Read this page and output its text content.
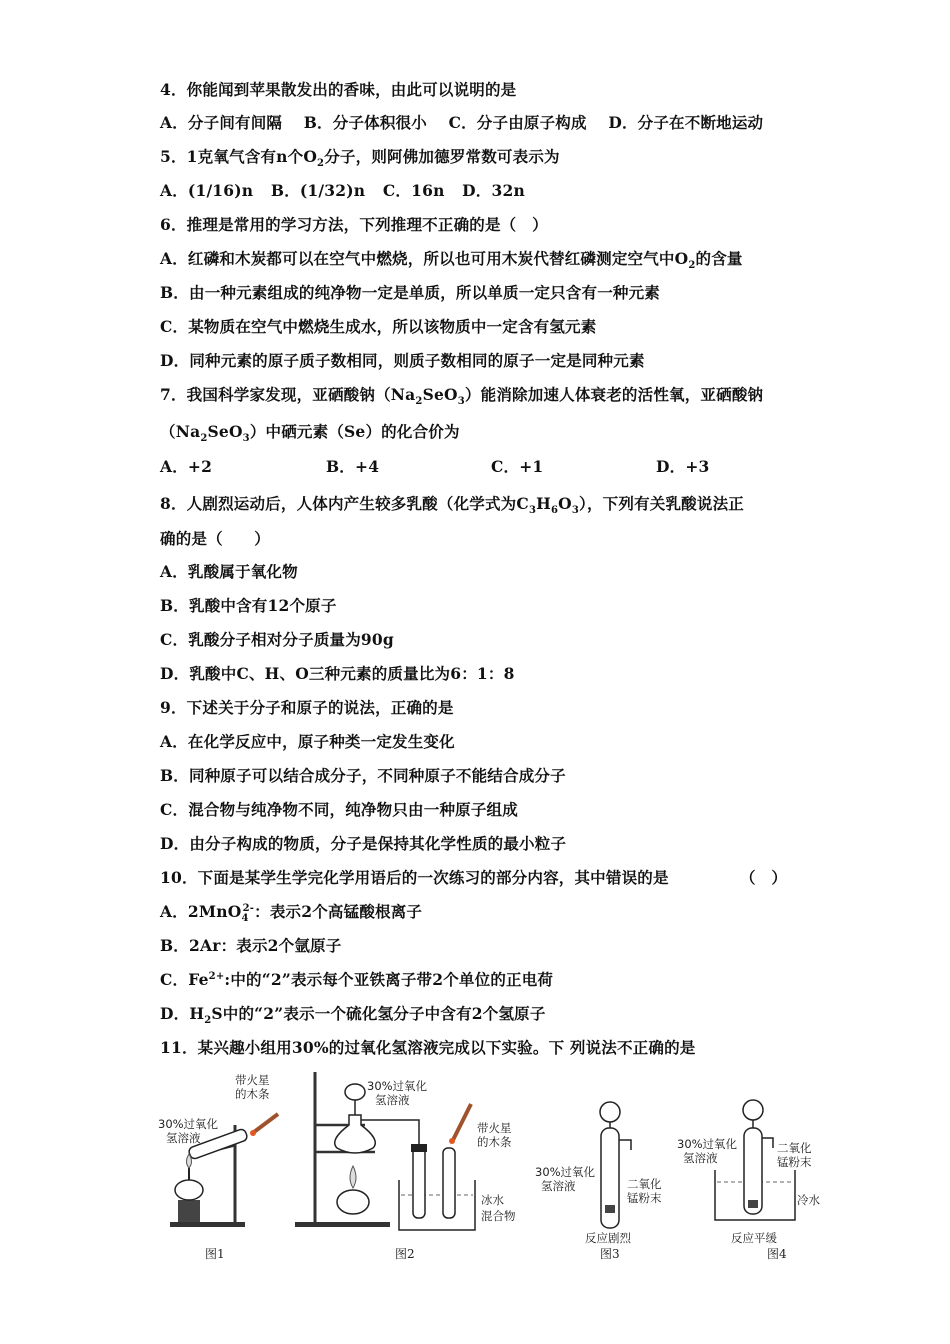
4．你能闻到苹果散发出的香味，由此可以说明的是
A．分子间有间隔 B．分子体积很小 C．分子由原子构成 D．分子在不断地运动
5．1克氧气含有n个$O_2$分子，则阿佛加德罗常数可表示为
A．(1/16)n B．(1/32)n C．16n D．32n
6．推理是常用的学习方法，下列推理不正确的是（　）
A．红磷和木炭都可以在空气中燃烧，所以也可用木炭代替红磷测定空气中$O_2$的含量
B．由一种元素组成的纯净物一定是单质，所以单质一定只含有一种元素
C．某物质在空气中燃烧生成水，所以该物质中一定含有氢元素
D．同种元素的原子质子数相同，则质子数相同的原子一定是同种元素
7．我国科学家发现，亚硒酸钠$(Na_2SeO_3)$能消除加速人体衰老的活性氧，亚硒酸钠
$(Na_2SeO_3)$中硒元素（Se）的化合价为
A．+2	B．+4	C．+1	D．+3
8．人剧烈运动后，人体内产生较多乳酸（化学式为$C_3H_6O_3$），下列有关乳酸说法正
确的是（　　）
A．乳酸属于氧化物
B．乳酸中含有12个原子
C．乳酸分子相对分子质量为90g
D．乳酸中C、H、O三种元素的质量比为6：1：8
9．下述关于分子和原子的说法，正确的是
A．在化学反应中，原子种类一定发生变化
B．同种原子可以结合成分子，不同种原子不能结合成分子
C．混合物与纯净物不同，纯净物只由一种原子组成
D．由分子构成的物质，分子是保持其化学性质的最小粒子
10．下面是某学生学完化学用语后的一次练习的部分内容，其中错误的是	（　）
A．2MnO$_4^{2-}$：表示2个高锰酸根离子
B．2Ar：表示2个氩原子
C．$Fe^{2+}$:中的“2”表示每个亚铁离子带2个单位的正电荷
D．$H_2S$中的“2”表示一个硫化氢分子中含有2个氢原子
11．某兴趣小组用30%的过氧化氢溶液完成以下实验。下 列说法不正确的是
带火星
的木条
30%过氧化
氢溶液
图1
30%过氧化
氢溶液
带火星
的木条
冰水
混合物
图2
30%过氧化
氢溶液	二氧化
锰粉末
反应剧烈
图3
30%过氧化
氢溶液
二氧化
锰粉末
冷水
反应平缓
图4
